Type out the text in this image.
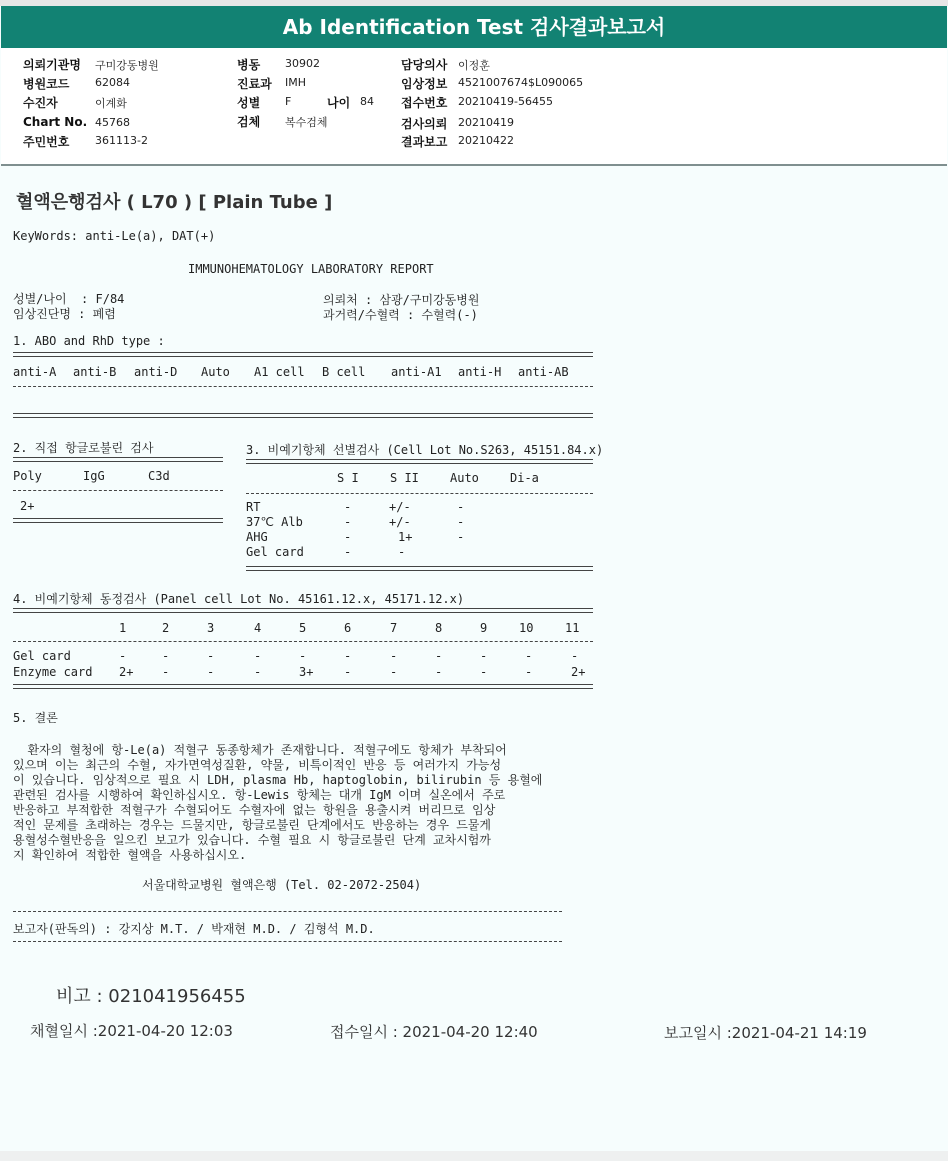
Ab Identification Test 검사결과보고서
의뢰기관명 구미강동병원
병원코드 62084
수진자	이계화
Chart No. 45768
주민번호 361113-2
병동 30902
진료과 IMH
성별 F	나이 84
검체 복수검체
담당의사 이정훈
임상정보 4521007674$L090065
접수번호 20210419-56455
검사의뢰 20210419
결과보고 20210422
혈액은행검사 ( L70 ) [ Plain Tube ]
KeyWords: anti-Le(a), DAT(+)
IMMUNOHEMATOLOGY LABORATORY REPORT
성별/나이  : F/84
임상진단명 : 폐렴
의뢰처 : 삼광/구미강동병원
과거력/수혈력 : 수혈력(-)
1. ABO and RhD type :
anti-A anti-B anti-D Auto A1 cell B cell anti-A1 anti-H anti-AB
2. 직접 항글로불린 검사
Poly	IgG	C3d
2+
3. 비예기항체 선별검사 (Cell Lot No.S263, 45151.84.x)
S I	S II	Auto	Di-a
RT	-	+/-	-
37℃ Alb	-	+/-	-
AHG	-	1+	-
Gel card	-	-
4. 비예기항체 동정검사 (Panel cell Lot No. 45161.12.x, 45171.12.x)
1	2	3	4	5	6	7	8	9	10	11
Gel card	-	-	-	-	-	-	-	-	-	-	-
Enzyme card 2+ -	-	-	3+	-	-	-	-	-	2+
5. 결론
환자의 혈청에 항-Le(a) 적혈구 동종항체가 존재합니다. 적혈구에도 항체가 부착되어
있으며 이는 최근의 수혈, 자가면역성질환, 약물, 비특이적인 반응 등 여러가지 가능성
이 있습니다. 임상적으로 필요 시 LDH, plasma Hb, haptoglobin, bilirubin 등 용혈에
관련된 검사를 시행하여 확인하십시오. 항-Lewis 항체는 대개 IgM 이며 실온에서 주로
반응하고 부적합한 적혈구가 수혈되어도 수혈자에 없는 항원을 용출시켜 버리므로 임상
적인 문제를 초래하는 경우는 드물지만, 항글로불린 단계에서도 반응하는 경우 드물게
용혈성수혈반응을 일으킨 보고가 있습니다. 수혈 필요 시 항글로불린 단계 교차시험까
지 확인하여 적합한 혈액을 사용하십시오.
서울대학교병원 혈액은행 (Tel. 02-2072-2504)
보고자(판독의) : 강지상 M.T. / 박재현 M.D. / 김형석 M.D.
비고 : 021041956455
채혈일시 :2021-04-20 12:03	접수일시 : 2021-04-20 12:40	보고일시 :2021-04-21 14:19
